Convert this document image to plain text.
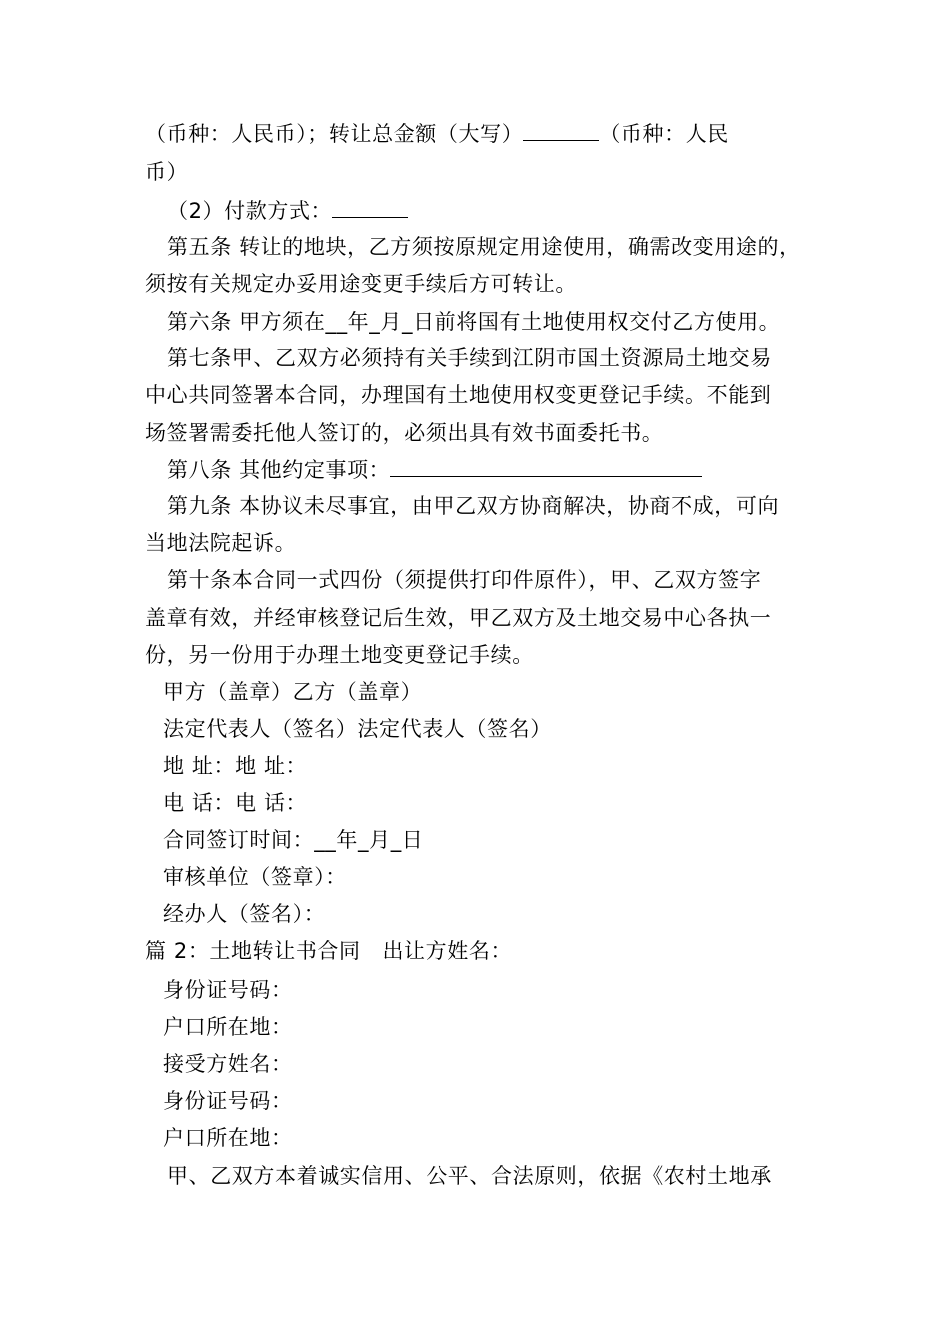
（币种：人民币）；转让总金额（大写）	（币种：人民
币）
（2）付款方式：
第五条 转让的地块，乙方须按原规定用途使用，确需改变用途的，
须按有关规定办妥用途变更手续后方可转让。
第六条 甲方须在__年_月_日前将国有土地使用权交付乙方使用。
第七条甲、乙双方必须持有关手续到江阴市国土资源局土地交易
中心共同签署本合同，办理国有土地使用权变更登记手续。不能到
场签署需委托他人签订的，必须出具有效书面委托书。
第八条 其他约定事项：
第九条 本协议未尽事宜，由甲乙双方协商解决，协商不成，可向
当地法院起诉。
第十条本合同一式四份（须提供打印件原件），甲、乙双方签字
盖章有效，并经审核登记后生效，甲乙双方及土地交易中心各执一
份，另一份用于办理土地变更登记手续。
甲方（盖章）乙方（盖章）
法定代表人（签名）法定代表人（签名）
地 址：地 址：
电 话：电 话：
合同签订时间：__年_月_日
审核单位（签章）：
经办人（签名）：
篇 2：土地转让书合同   出让方姓名：
身份证号码：
户口所在地：
接受方姓名：
身份证号码：
户口所在地：
甲、乙双方本着诚实信用、公平、合法原则，依据《农村土地承
